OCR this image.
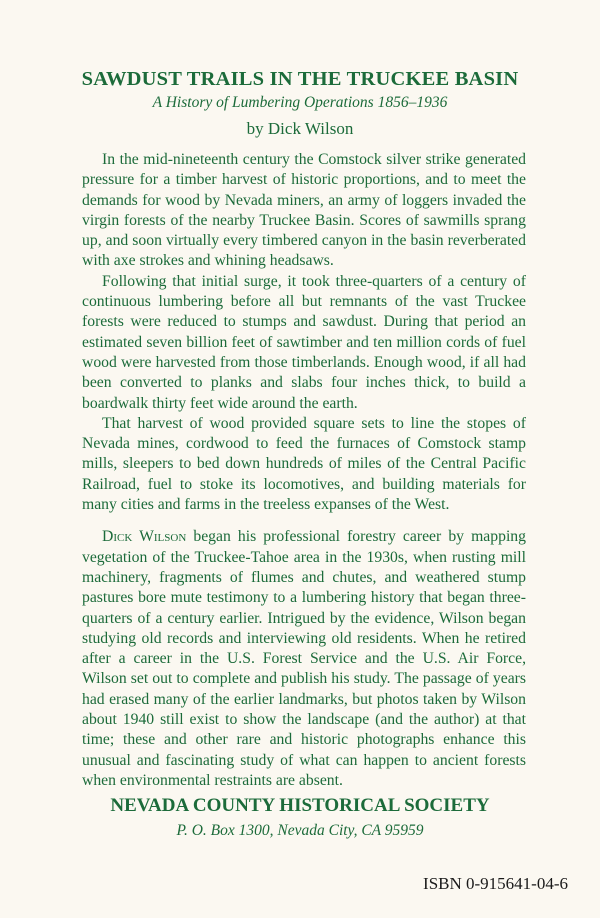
SAWDUST TRAILS IN THE TRUCKEE BASIN
A History of Lumbering Operations 1856–1936
by Dick Wilson

In the mid-nineteenth century the Comstock silver strike generated pressure for a timber harvest of historic proportions, and to meet the demands for wood by Nevada miners, an army of loggers invaded the virgin forests of the nearby Truckee Basin. Scores of sawmills sprang up, and soon virtually every timbered canyon in the basin reverberated with axe strokes and whining headsaws.

Following that initial surge, it took three-quarters of a century of continuous lumbering before all but remnants of the vast Truckee forests were reduced to stumps and sawdust. During that period an estimated seven billion feet of sawtimber and ten million cords of fuel wood were harvested from those timberlands. Enough wood, if all had been converted to planks and slabs four inches thick, to build a boardwalk thirty feet wide around the earth.

That harvest of wood provided square sets to line the stopes of Nevada mines, cordwood to feed the furnaces of Comstock stamp mills, sleepers to bed down hundreds of miles of the Central Pacific Railroad, fuel to stoke its locomotives, and building materials for many cities and farms in the treeless expanses of the West.

Dick Wilson began his professional forestry career by mapping vegetation of the Truckee-Tahoe area in the 1930s, when rusting mill machinery, fragments of flumes and chutes, and weathered stump pastures bore mute testimony to a lumbering history that began three-quarters of a century earlier. Intrigued by the evidence, Wilson began studying old records and interviewing old residents. When he retired after a career in the U.S. Forest Service and the U.S. Air Force, Wilson set out to complete and publish his study. The passage of years had erased many of the earlier landmarks, but photos taken by Wilson about 1940 still exist to show the landscape (and the author) at that time; these and other rare and historic photographs enhance this unusual and fascinating study of what can happen to ancient forests when environmental restraints are absent.

NEVADA COUNTY HISTORICAL SOCIETY
P. O. Box 1300, Nevada City, CA 95959
ISBN 0-915641-04-6
